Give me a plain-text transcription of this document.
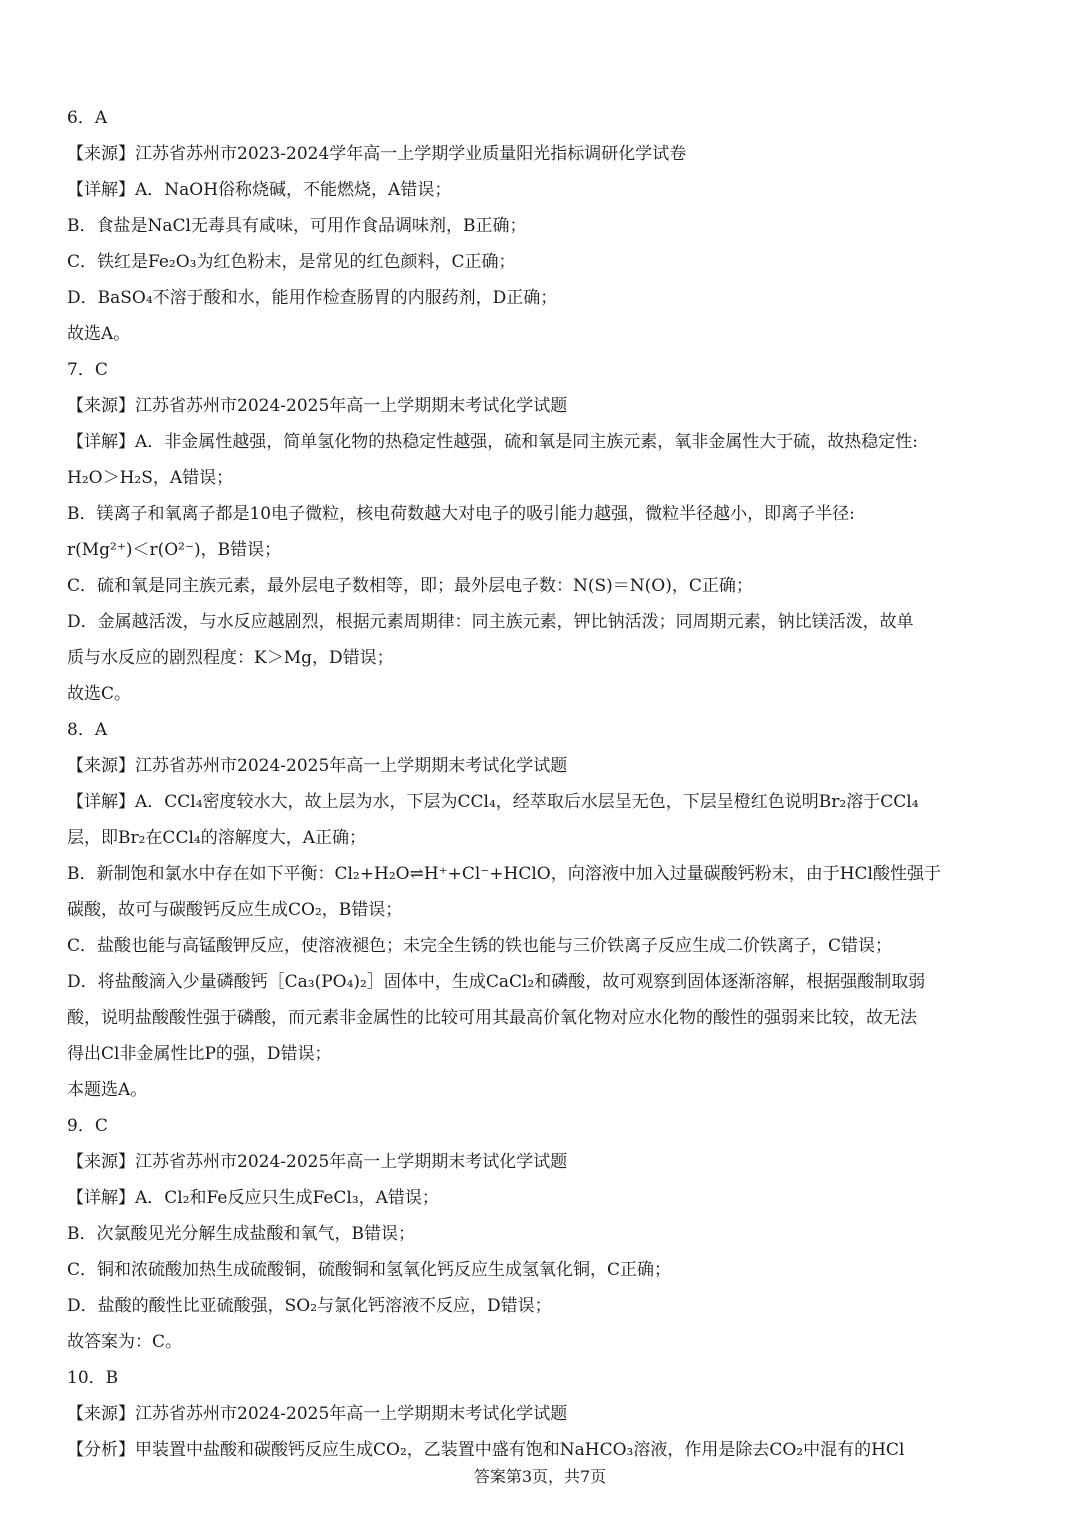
6．A
【来源】江苏省苏州市2023-2024学年高一上学期学业质量阳光指标调研化学试卷
【详解】A．NaOH俗称烧碱，不能燃烧，A错误；
B．食盐是NaCl无毒具有咸味，可用作食品调味剂，B正确；
C．铁红是Fe₂O₃为红色粉末，是常见的红色颜料，C正确；
D．BaSO₄不溶于酸和水，能用作检查肠胃的内服药剂，D正确；
故选A。
7．C
【来源】江苏省苏州市2024-2025年高一上学期期末考试化学试题
【详解】A．非金属性越强，简单氢化物的热稳定性越强，硫和氧是同主族元素，氧非金属性大于硫，故热稳定性:
H₂O＞H₂S，A错误；
B．镁离子和氧离子都是10电子微粒，核电荷数越大对电子的吸引能力越强，微粒半径越小，即离子半径:
r(Mg²⁺)＜r(O²⁻)，B错误；
C．硫和氧是同主族元素，最外层电子数相等，即；最外层电子数：N(S)＝N(O)，C正确；
D．金属越活泼，与水反应越剧烈，根据元素周期律：同主族元素，钾比钠活泼；同周期元素，钠比镁活泼，故单
质与水反应的剧烈程度：K＞Mg，D错误；
故选C。
8．A
【来源】江苏省苏州市2024-2025年高一上学期期末考试化学试题
【详解】A．CCl₄密度较水大，故上层为水，下层为CCl₄，经萃取后水层呈无色，下层呈橙红色说明Br₂溶于CCl₄
层，即Br₂在CCl₄的溶解度大，A正确；
B．新制饱和氯水中存在如下平衡：Cl₂+H₂O⇌H⁺+Cl⁻+HClO，向溶液中加入过量碳酸钙粉末，由于HCl酸性强于
碳酸，故可与碳酸钙反应生成CO₂，B错误；
C．盐酸也能与高锰酸钾反应，使溶液褪色；未完全生锈的铁也能与三价铁离子反应生成二价铁离子，C错误；
D．将盐酸滴入少量磷酸钙［Ca₃(PO₄)₂］固体中，生成CaCl₂和磷酸，故可观察到固体逐渐溶解，根据强酸制取弱
酸，说明盐酸酸性强于磷酸，而元素非金属性的比较可用其最高价氧化物对应水化物的酸性的强弱来比较，故无法
得出Cl非金属性比P的强，D错误；
本题选A。
9．C
【来源】江苏省苏州市2024-2025年高一上学期期末考试化学试题
【详解】A．Cl₂和Fe反应只生成FeCl₃，A错误；
B．次氯酸见光分解生成盐酸和氧气，B错误；
C．铜和浓硫酸加热生成硫酸铜，硫酸铜和氢氧化钙反应生成氢氧化铜，C正确；
D．盐酸的酸性比亚硫酸强，SO₂与氯化钙溶液不反应，D错误；
故答案为：C。
10．B
【来源】江苏省苏州市2024-2025年高一上学期期末考试化学试题
【分析】甲装置中盐酸和碳酸钙反应生成CO₂，乙装置中盛有饱和NaHCO₃溶液，作用是除去CO₂中混有的HCl
答案第3页，共7页
